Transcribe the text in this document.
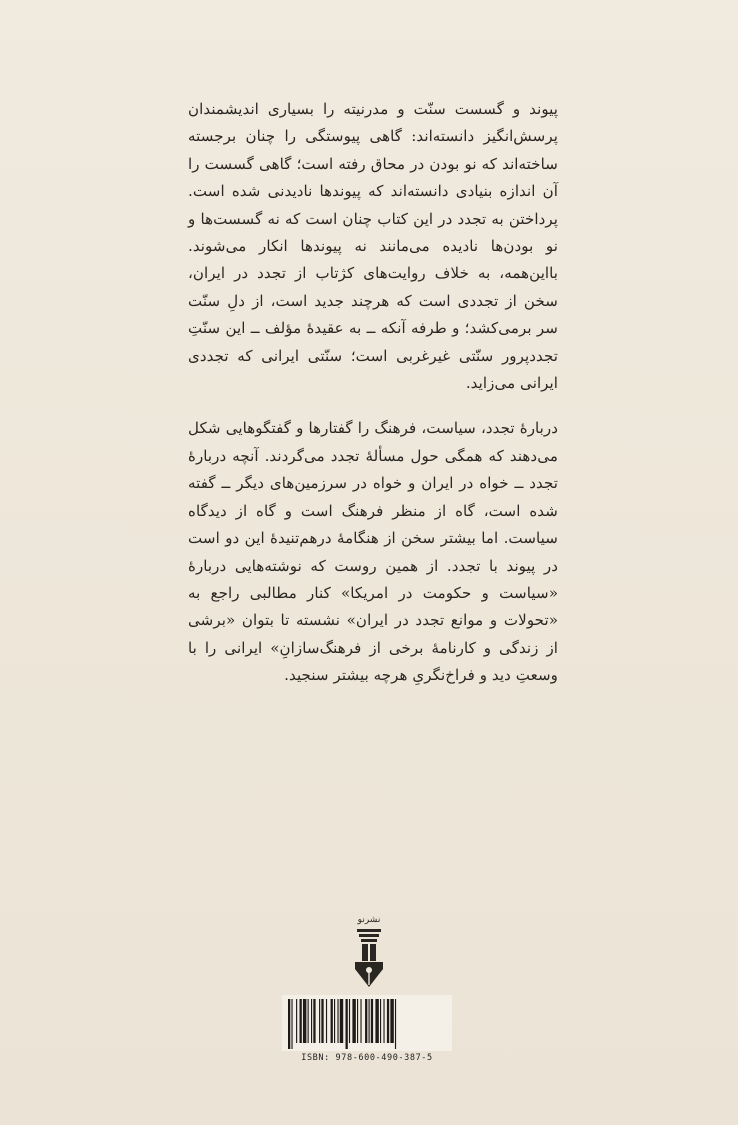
پیوند و گسست سنّت و مدرنیته را بسیاری اندیشمندان پرسش‌انگیز دانسته‌اند: گاهی پیوستگی را چنان برجسته ساخته‌اند که نو بودن در محاق رفته است؛ گاهی گسست را آن اندازه بنیادی دانسته‌اند که پیوندها نادیدنی شده است. پرداختن به تجدد در این کتاب چنان است که نه گسست‌ها و نو بودن‌ها نادیده می‌مانند نه پیوندها انکار می‌شوند. بااین‌همه، به خلاف روایت‌های کژتاب از تجدد در ایران، سخن از تجددی است که هرچند جدید است، از دلِ سنّت سر برمی‌کشد؛ و طرفه آنکه ــ به عقیدهٔ مؤلف ــ این سنّتِ تجددپرور سنّتی غیرغربی است؛ سنّتی ایرانی که تجددی ایرانی می‌زاید.

دربارهٔ تجدد، سیاست، فرهنگ را گفتارها و گفتگوهایی شکل می‌دهند که همگی حول مسألهٔ تجدد می‌گردند. آنچه دربارهٔ تجدد ــ خواه در ایران و خواه در سرزمین‌های دیگر ــ گفته شده است، گاه از منظر فرهنگ است و گاه از دیدگاه سیاست. اما بیشتر سخن از هنگامهٔ درهم‌تنیدهٔ این دو است در پیوند با تجدد. از همین روست که نوشته‌هایی دربارهٔ «سیاست و حکومت در امریکا» کنار مطالبی راجع به «تحولات و موانع تجدد در ایران» نشسته تا بتوان «برشی از زندگی و کارنامهٔ برخی از فرهنگ‌سازانِ» ایرانی را با وسعتِ دید و فراخ‌نگریِ هرچه بیشتر سنجید.

نشرنو
ISBN: 978-600-490-387-5
